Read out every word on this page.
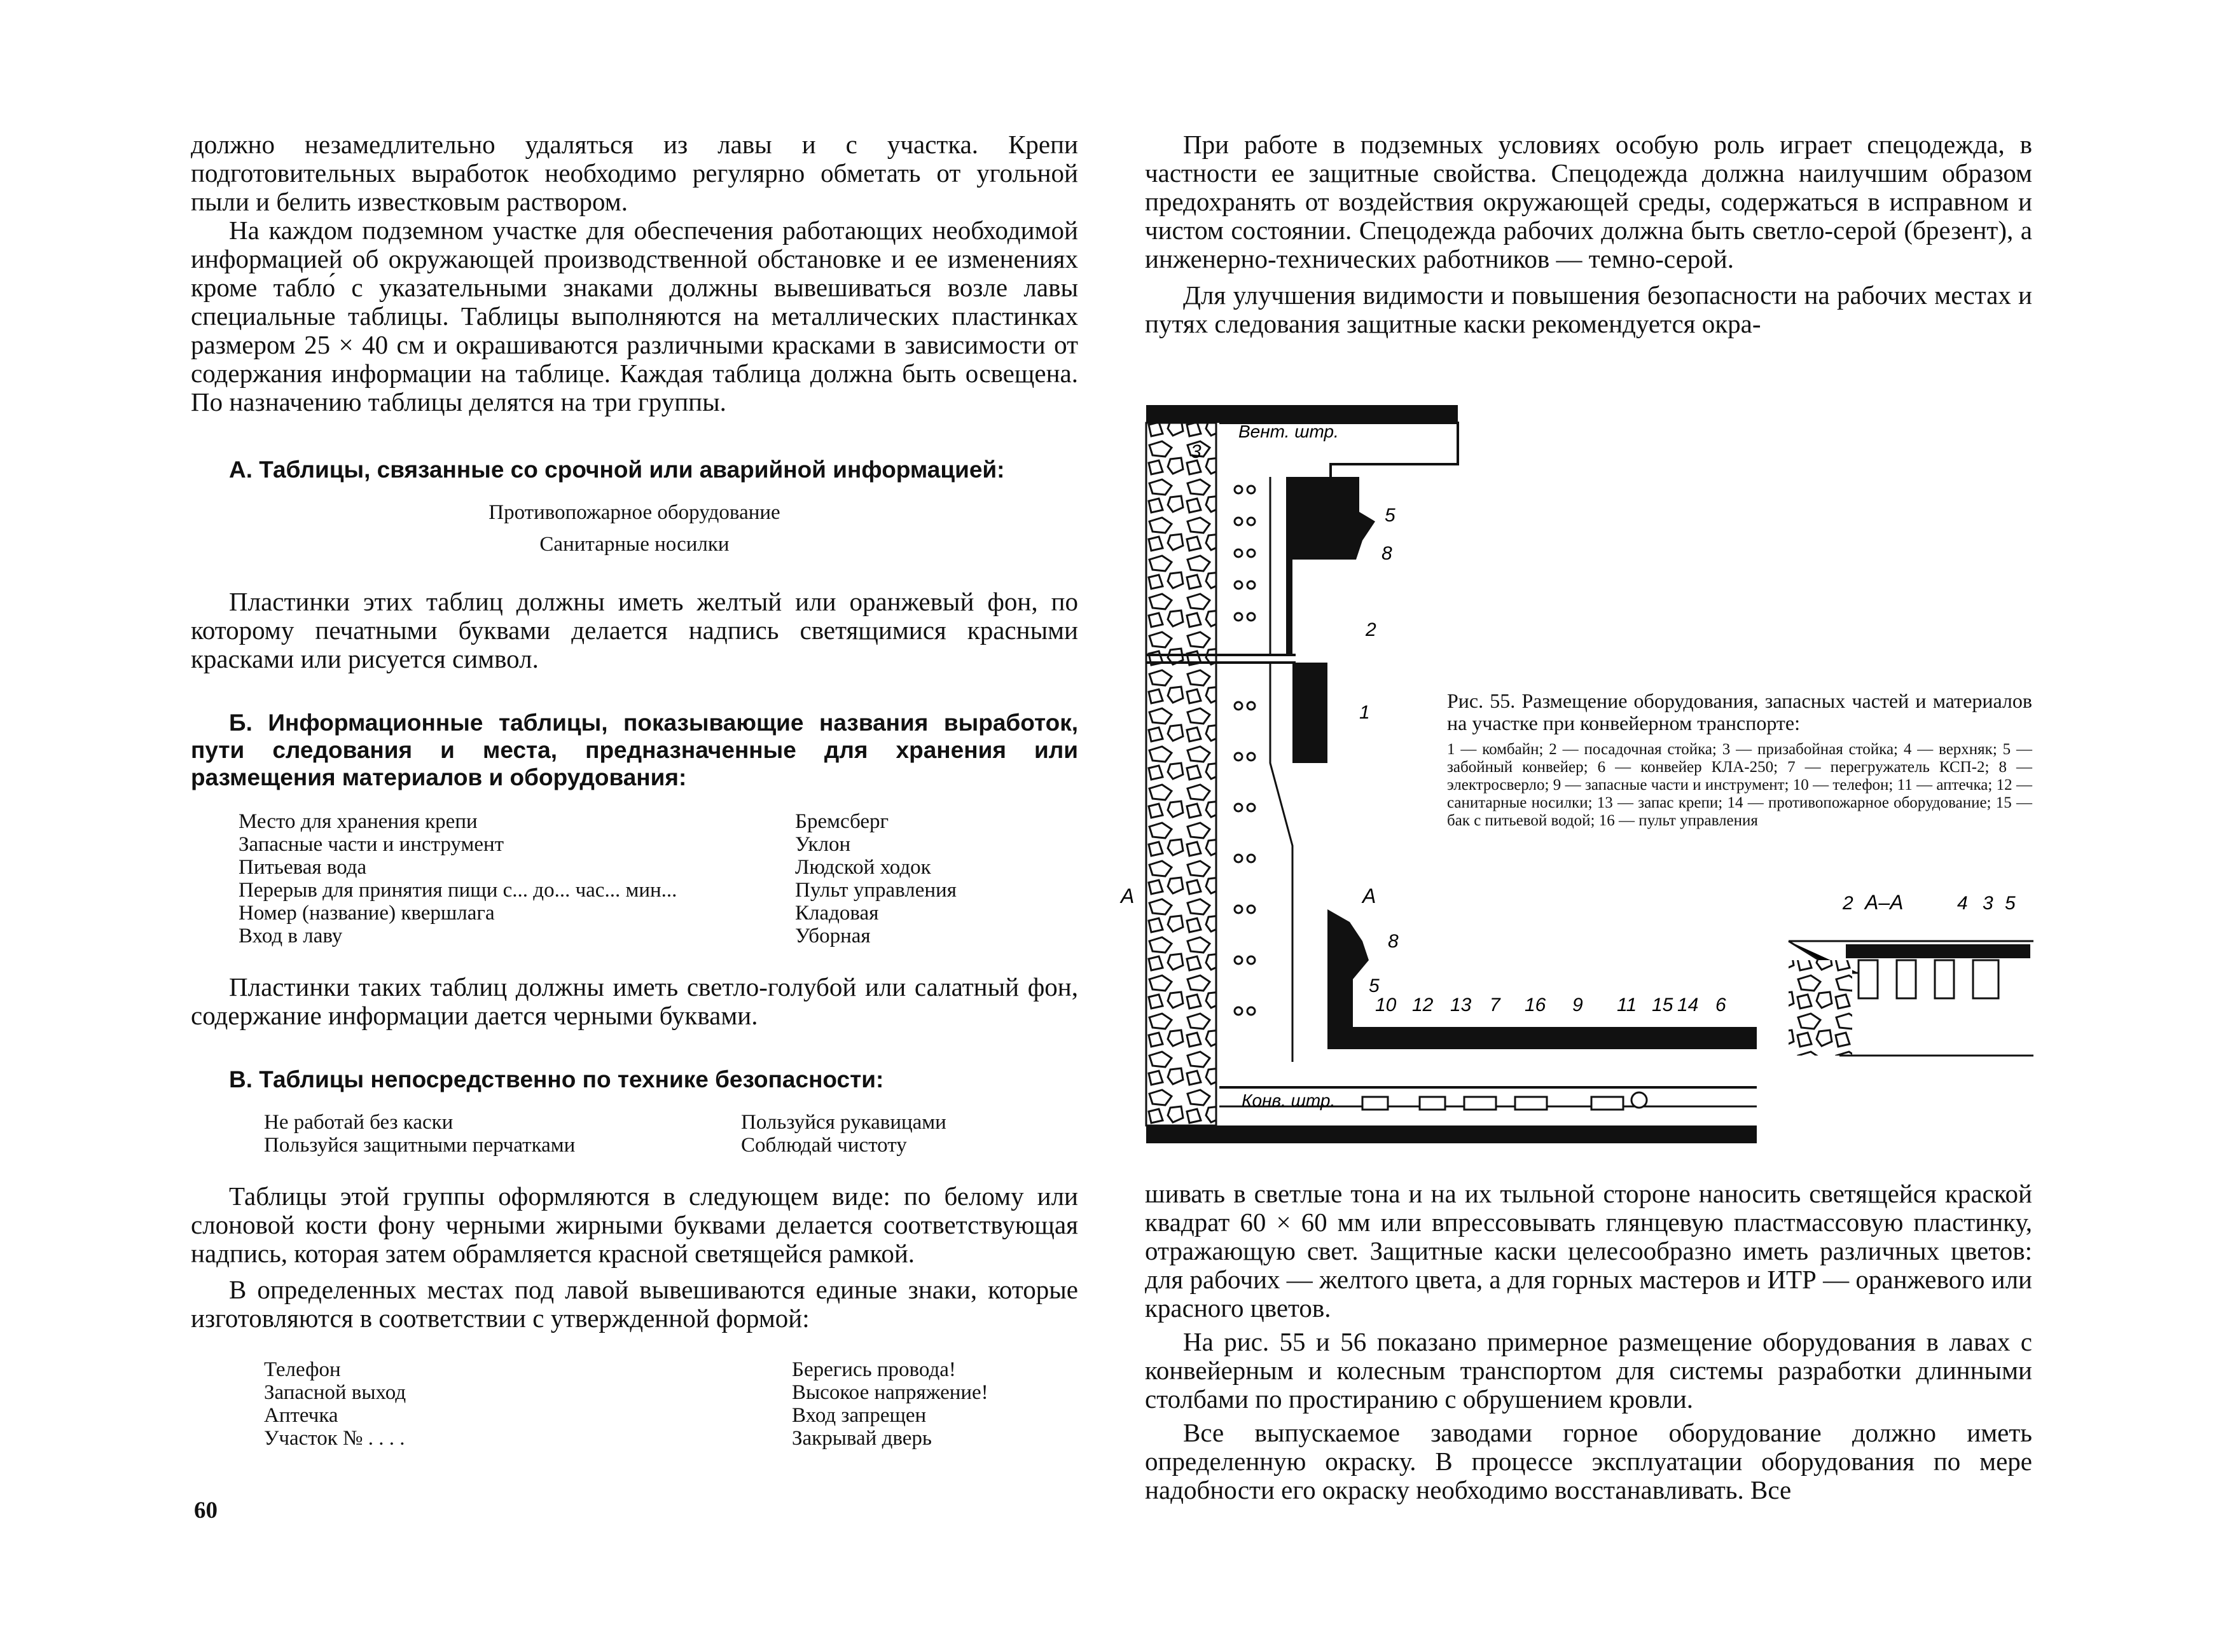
должно незамедлительно удаляться из лавы и с участка. Крепи подготовительных выработок необходимо регулярно обметать от угольной пыли и белить известковым раствором.

На каждом подземном участке для обеспечения работающих необходимой информацией об окружающей производственной обстановке и ее изменениях кроме табло́ с указательными знаками должны вывешиваться возле лавы специальные таблицы. Таблицы выполняются на металлических пластинках размером 25 × 40 см и окрашиваются различными красками в зависимости от содержания информации на таблице. Каждая таблица должна быть освещена. По назначению таблицы делятся на три группы.

А. Таблицы, связанные со срочной или аварийной информацией:
Противопожарное оборудование
Санитарные носилки

Пластинки этих таблиц должны иметь желтый или оранжевый фон, по которому печатными буквами делается надпись светящимися красными красками или рисуется символ.

Б. Информационные таблицы, показывающие названия выработок, пути следования и места, предназначенные для хранения или размещения материалов и оборудования:
Место для хранения крепи
Запасные части и инструмент
Питьевая вода
Перерыв для принятия пищи с... до... час... мин...
Номер (название) квершлага
Вход в лаву
Бремсберг
Уклон
Людской ходок
Пульт управления
Кладовая
Уборная

Пластинки таких таблиц должны иметь светло-голубой или салатный фон, содержание информации дается черными буквами.

В. Таблицы непосредственно по технике безопасности:
Не работай без каски
Пользуйся защитными перчатками
Пользуйся рукавицами
Соблюдай чистоту

Таблицы этой группы оформляются в следующем виде: по белому или слоновой кости фону черными жирными буквами делается соответствующая надпись, которая затем обрамляется красной светящейся рамкой.

В определенных местах под лавой вывешиваются единые знаки, которые изготовляются в соответствии с утвержденной формой:

Телефон
Запасной выход
Аптечка
Участок № . . . .
Берегись провода!
Высокое напряжение!
Вход запрещен
Закрывай дверь
60

При работе в подземных условиях особую роль играет спецодежда, в частности ее защитные свойства. Спецодежда должна наилучшим образом предохранять от воздействия окружающей среды, содержаться в исправном и чистом состоянии. Спецодежда рабочих должна быть светло-серой (брезент), а инженерно-технических работников — темно-серой.

Для улучшения видимости и повышения безопасности на рабочих местах и путях следования защитные каски рекомендуется окра-

шивать в светлые тона и на их тыльной стороне наносить светящейся краской квадрат 60 × 60 мм или впрессовывать глянцевую пластмассовую пластинку, отражающую свет. Защитные каски целесообразно иметь различных цветов: для рабочих — желтого цвета, а для горных мастеров и ИТР — оранжевого или красного цветов.

На рис. 55 и 56 показано примерное размещение оборудования в лавах с конвейерным и колесным транспортом для системы разработки длинными столбами по простиранию с обрушением кровли.

Все выпускаемое заводами горное оборудование должно иметь определенную окраску. В процессе эксплуатации оборудования по мере надобности его окраску необходимо восстанавливать. Все

Вент. штр.
Конв. штр.
А–А
А	А
3
5
8
2
1
8
5
10 12 13 7 16 9 11 15 14 6
2	4 3 5
Рис. 55. Размещение оборудования, запасных частей и материалов на участке при конвейерном транспорте:
1 — комбайн; 2 — посадочная стойка; 3 — призабойная стойка; 4 — верхняк; 5 — забойный конвейер; 6 — конвейер КЛА-250; 7 — перегружатель КСП-2; 8 — электросверло; 9 — запасные части и инструмент; 10 — телефон; 11 — аптечка; 12 — санитарные носилки; 13 — запас крепи; 14 — противопожарное оборудование; 15 — бак с питьевой водой; 16 — пульт управления
